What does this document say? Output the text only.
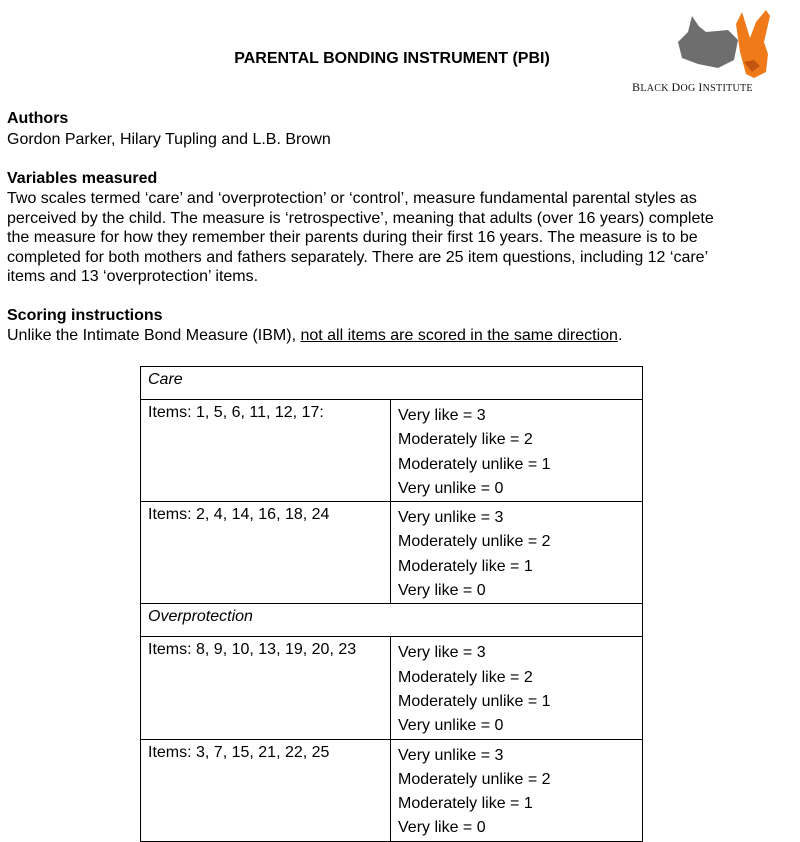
PARENTAL BONDING INSTRUMENT (PBI)
BLACK DOG INSTITUTE
Authors

Gordon Parker, Hilary Tupling and L.B. Brown

Variables measured
Two scales termed ‘care’ and ‘overprotection’ or ‘control’, measure fundamental parental styles as
perceived by the child. The measure is ‘retrospective’, meaning that adults (over 16 years) complete
the measure for how they remember their parents during their first 16 years. The measure is to be
completed for both mothers and fathers separately. There are 25 item questions, including 12 ‘care’
items and 13 ‘overprotection’ items.
Scoring instructions

Unlike the Intimate Bond Measure (IBM), not all items are scored in the same direction.

Care	
Items: 1, 5, 6, 11, 12, 17:	Very like = 3
Moderately like = 2
Moderately unlike = 1
Very unlike = 0

Items: 2, 4, 14, 16, 18, 24	Very unlike = 3
Moderately unlike = 2
Moderately like = 1
Very like = 0

Overprotection	
Items: 8, 9, 10, 13, 19, 20, 23	Very like = 3
Moderately like = 2
Moderately unlike = 1
Very unlike = 0

Items: 3, 7, 15, 21, 22, 25	Very unlike = 3
Moderately unlike = 2
Moderately like = 1
Very like = 0
